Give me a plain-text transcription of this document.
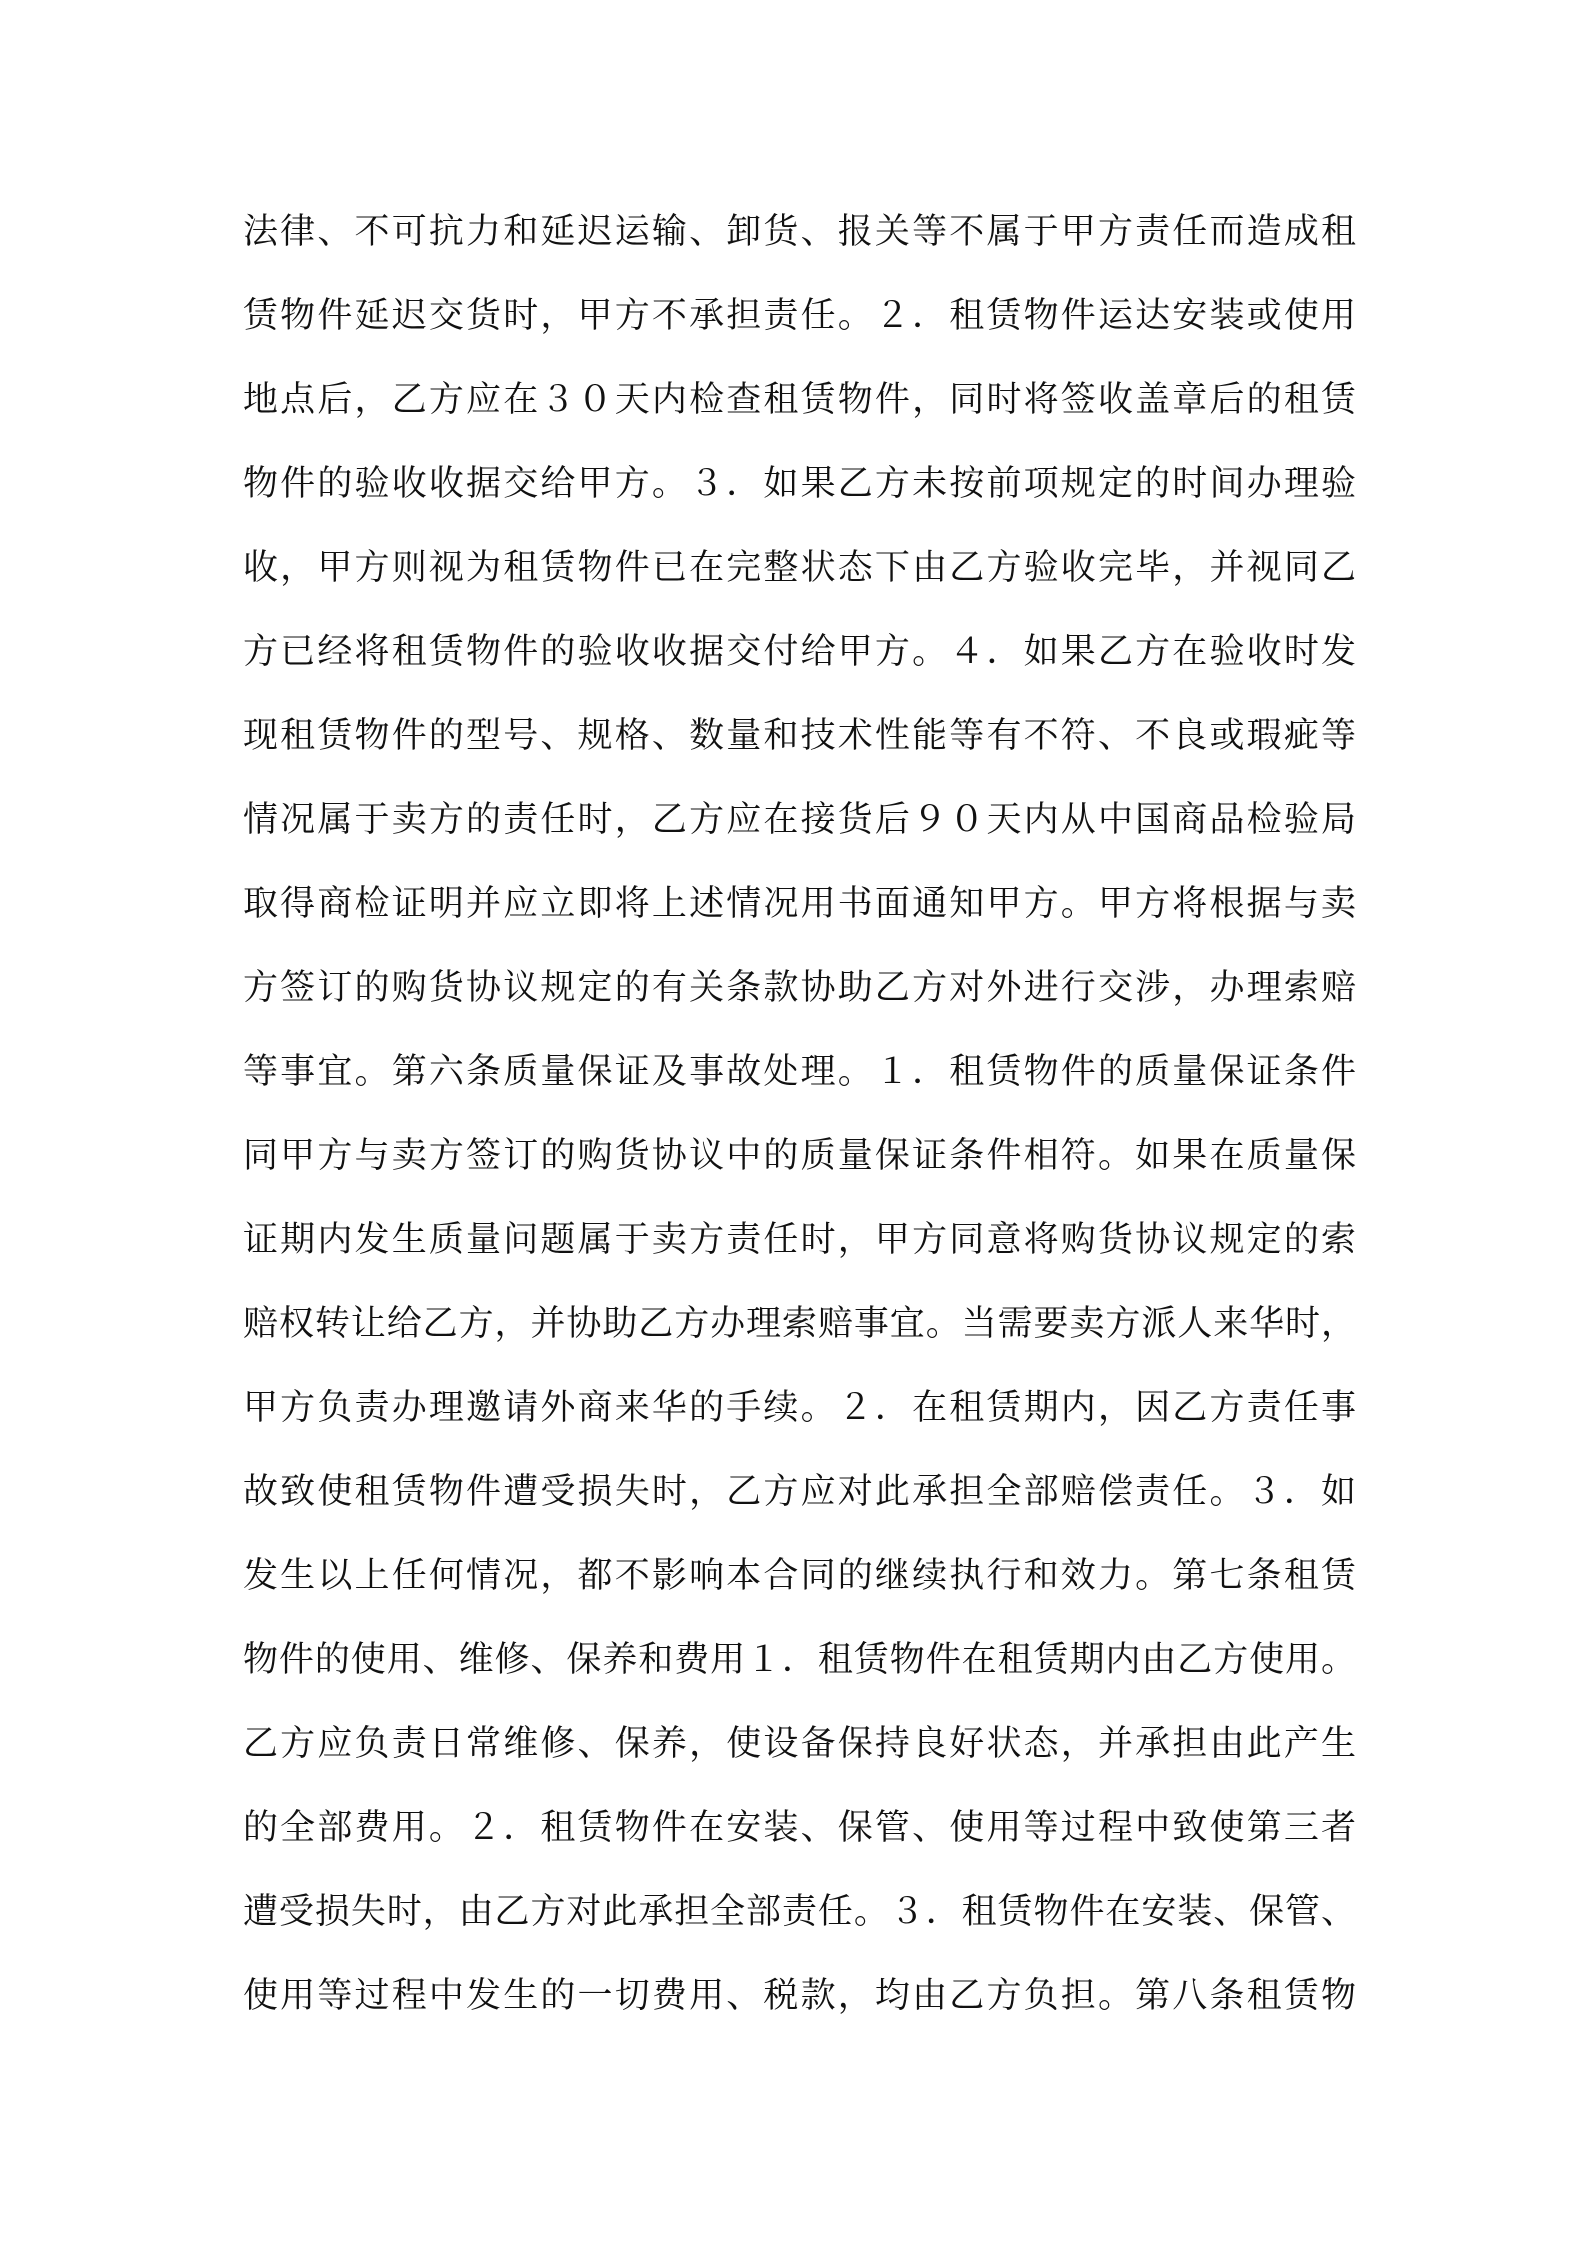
法律、不可抗力和延迟运输、卸货、报关等不属于甲方责任而造成租
赁物件延迟交货时，甲方不承担责任。２．租赁物件运达安装或使用
地点后，乙方应在３０天内检查租赁物件，同时将签收盖章后的租赁
物件的验收收据交给甲方。３．如果乙方未按前项规定的时间办理验
收，甲方则视为租赁物件已在完整状态下由乙方验收完毕，并视同乙
方已经将租赁物件的验收收据交付给甲方。４．如果乙方在验收时发
现租赁物件的型号、规格、数量和技术性能等有不符、不良或瑕疵等
情况属于卖方的责任时，乙方应在接货后９０天内从中国商品检验局
取得商检证明并应立即将上述情况用书面通知甲方。甲方将根据与卖
方签订的购货协议规定的有关条款协助乙方对外进行交涉，办理索赔
等事宜。第六条质量保证及事故处理。１．租赁物件的质量保证条件
同甲方与卖方签订的购货协议中的质量保证条件相符。如果在质量保
证期内发生质量问题属于卖方责任时，甲方同意将购货协议规定的索
赔权转让给乙方，并协助乙方办理索赔事宜。当需要卖方派人来华时，
甲方负责办理邀请外商来华的手续。２．在租赁期内，因乙方责任事
故致使租赁物件遭受损失时，乙方应对此承担全部赔偿责任。３．如
发生以上任何情况，都不影响本合同的继续执行和效力。第七条租赁
物件的使用、维修、保养和费用１．租赁物件在租赁期内由乙方使用。
乙方应负责日常维修、保养，使设备保持良好状态，并承担由此产生
的全部费用。２．租赁物件在安装、保管、使用等过程中致使第三者
遭受损失时，由乙方对此承担全部责任。３．租赁物件在安装、保管、
使用等过程中发生的一切费用、税款，均由乙方负担。第八条租赁物
